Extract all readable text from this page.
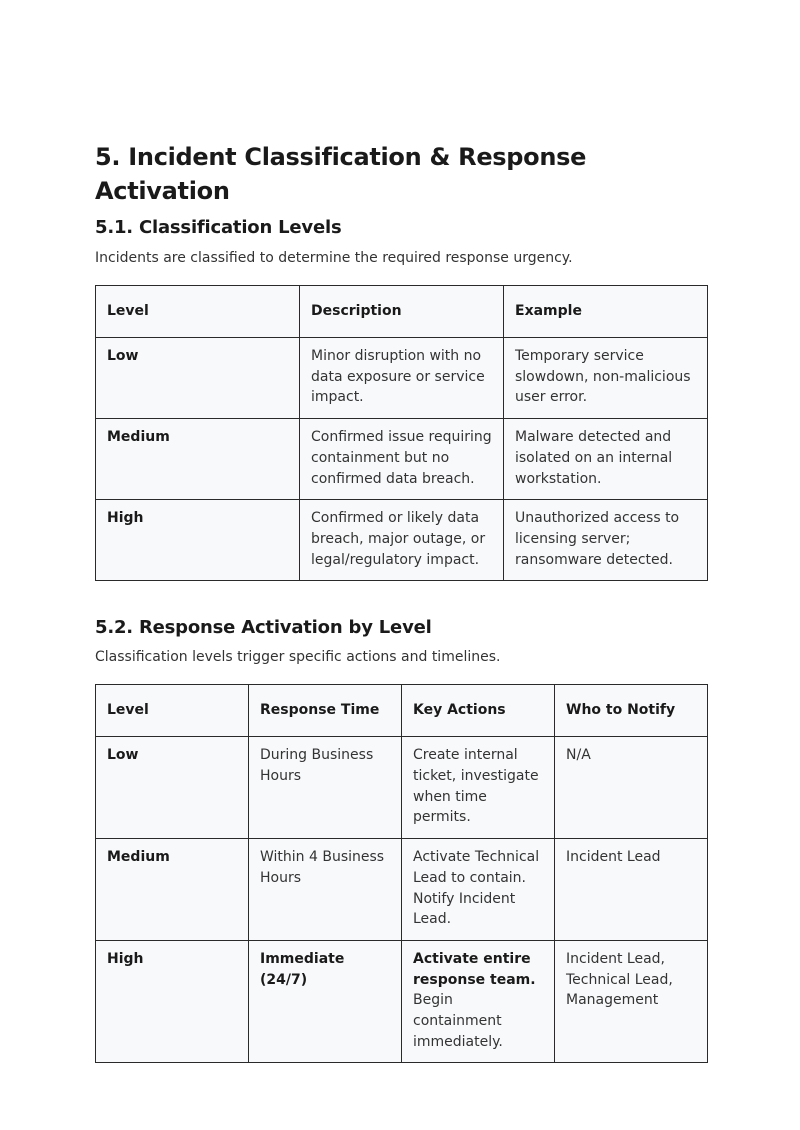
5. Incident Classification & Response Activation
5.1. Classification Levels

Incidents are classified to determine the required response urgency.

Level	Description	Example
Low	Minor disruption with no data exposure or service impact.	Temporary service slowdown, non-malicious user error.
Medium	Confirmed issue requiring containment but no confirmed data breach.	Malware detected and isolated on an internal workstation.
High	Confirmed or likely data breach, major outage, or legal/regulatory impact.	Unauthorized access to licensing server; ransomware detected.
5.2. Response Activation by Level

Classification levels trigger specific actions and timelines.

Level	Response Time	Key Actions	Who to Notify
Low	During Business Hours	Create internal ticket, investigate when time permits.	N/A
Medium	Within 4 Business Hours	Activate Technical Lead to contain. Notify Incident Lead.	Incident Lead
High	Immediate (24/7)	Activate entire response team. Begin containment immediately.	Incident Lead, Technical Lead, Management
